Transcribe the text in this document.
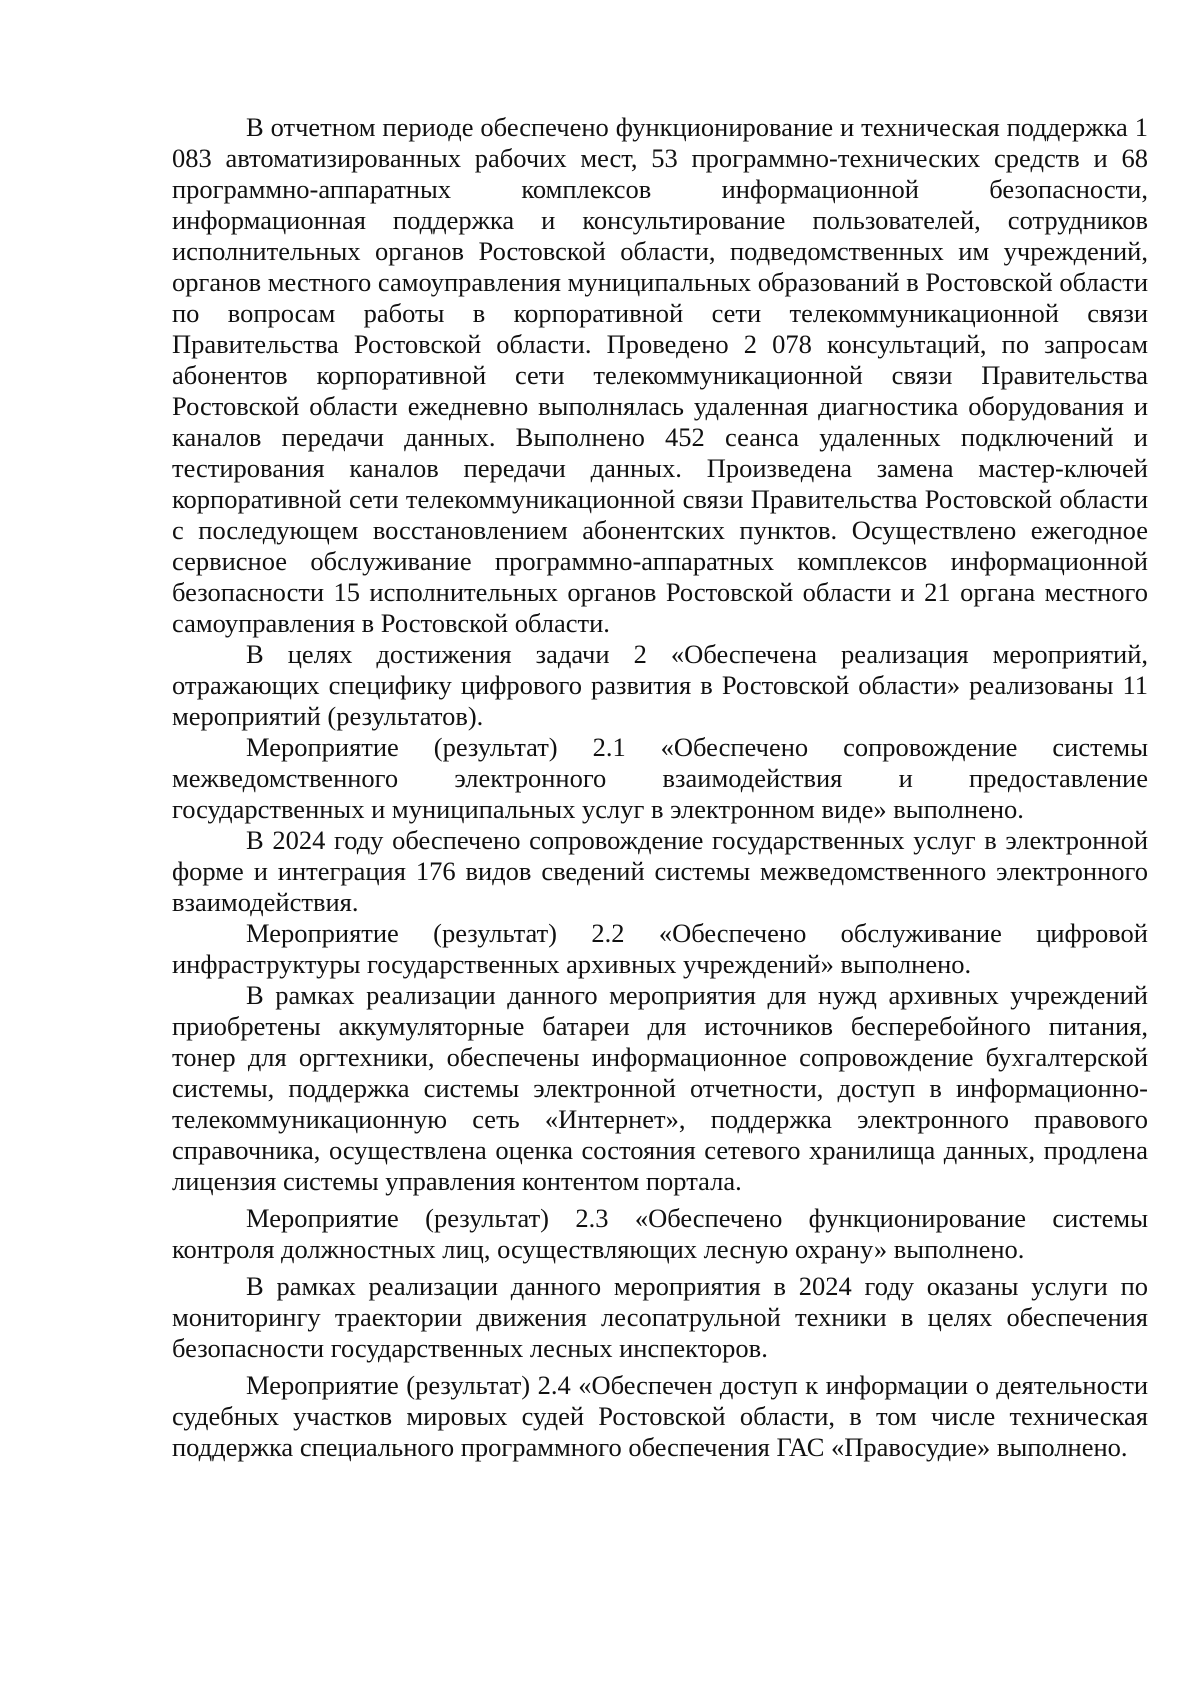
В отчетном периоде обеспечено функционирование и техническая поддержка 1 083 автоматизированных рабочих мест, 53 программно-технических средств и 68 программно-аппаратных комплексов информационной безопасности, информационная поддержка и консультирование пользователей, сотрудников исполнительных органов Ростовской области, подведомственных им учреждений, органов местного самоуправления муниципальных образований в Ростовской области по вопросам работы в корпоративной сети телекоммуникационной связи Правительства Ростовской области. Проведено 2 078 консультаций, по запросам абонентов корпоративной сети телекоммуникационной связи Правительства Ростовской области ежедневно выполнялась удаленная диагностика оборудования и каналов передачи данных. Выполнено 452 сеанса удаленных подключений и тестирования каналов передачи данных. Произведена замена мастер-ключей корпоративной сети телекоммуникационной связи Правительства Ростовской области с последующем восстановлением абонентских пунктов. Осуществлено ежегодное сервисное обслуживание программно-аппаратных комплексов информационной безопасности 15 исполнительных органов Ростовской области и 21 органа местного самоуправления в Ростовской области.

В целях достижения задачи 2 «Обеспечена реализация мероприятий, отражающих специфику цифрового развития в Ростовской области» реализованы 11 мероприятий (результатов).

Мероприятие (результат) 2.1 «Обеспечено сопровождение системы межведомственного электронного взаимодействия и предоставление государственных и муниципальных услуг в электронном виде» выполнено.

В 2024 году обеспечено сопровождение государственных услуг в электронной форме и интеграция 176 видов сведений системы межведомственного электронного взаимодействия.

Мероприятие (результат) 2.2 «Обеспечено обслуживание цифровой инфраструктуры государственных архивных учреждений» выполнено.

В рамках реализации данного мероприятия для нужд архивных учреждений приобретены аккумуляторные батареи для источников бесперебойного питания, тонер для оргтехники, обеспечены информационное сопровождение бухгалтерской системы, поддержка системы электронной отчетности, доступ в информационно-телекоммуникационную сеть «Интернет», поддержка электронного правового справочника, осуществлена оценка состояния сетевого хранилища данных, продлена лицензия системы управления контентом портала.

Мероприятие (результат) 2.3 «Обеспечено функционирование системы контроля должностных лиц, осуществляющих лесную охрану» выполнено.

В рамках реализации данного мероприятия в 2024 году оказаны услуги по мониторингу траектории движения лесопатрульной техники в целях обеспечения безопасности государственных лесных инспекторов.

Мероприятие (результат) 2.4 «Обеспечен доступ к информации о деятельности судебных участков мировых судей Ростовской области, в том числе техническая поддержка специального программного обеспечения ГАС «Правосудие» выполнено.
